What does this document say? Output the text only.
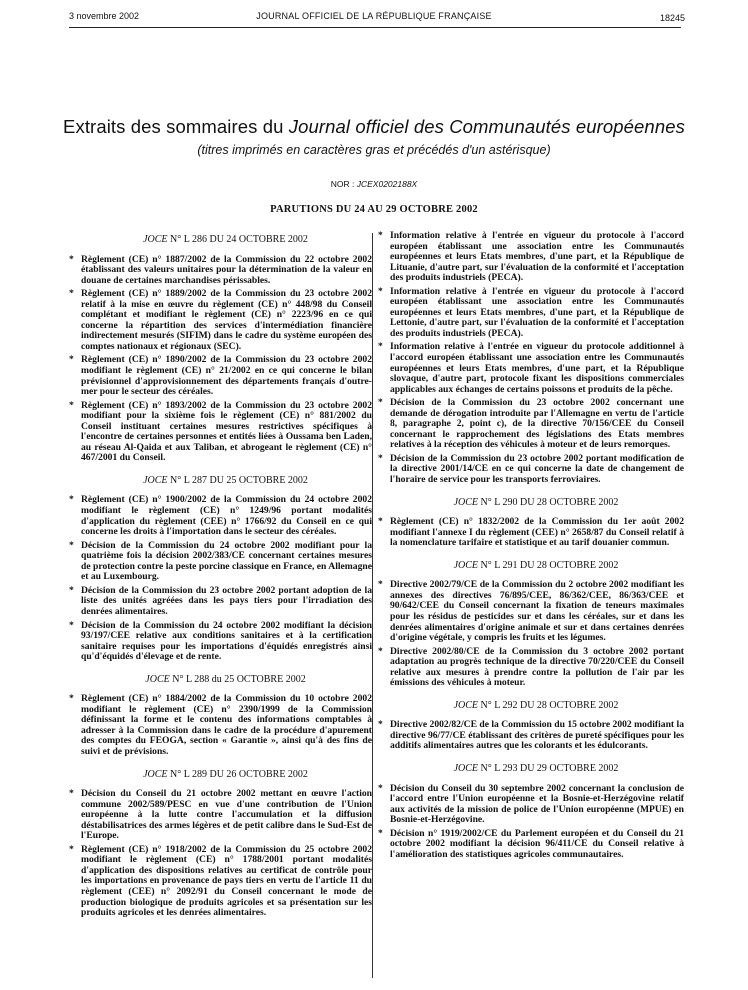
3 novembre 2002	JOURNAL OFFICIEL DE LA RÉPUBLIQUE FRANÇAISE	18245
Extraits des sommaires du Journal officiel des Communautés européennes
(titres imprimés en caractères gras et précédés d'un astérisque)
NOR : JCEX0202188X
PARUTIONS DU 24 AU 29 OCTOBRE 2002
JOCE N° L 286 DU 24 OCTOBRE 2002
* Règlement (CE) n° 1887/2002 de la Commission du 22 octobre 2002 établissant des valeurs unitaires pour la détermination de la valeur en douane de certaines marchandises périssables.
* Règlement (CE) n° 1889/2002 de la Commission du 23 octobre 2002 relatif à la mise en œuvre du règlement (CE) n° 448/98 du Conseil complétant et modifiant le règlement (CE) n° 2223/96 en ce qui concerne la répartition des services d'intermédiation financière indirectement mesurés (SIFIM) dans le cadre du système européen des comptes nationaux et régionaux (SEC).
* Règlement (CE) n° 1890/2002 de la Commission du 23 octobre 2002 modifiant le règlement (CE) n° 21/2002 en ce qui concerne le bilan prévisionnel d'approvisionnement des départements français d'outre-mer pour le secteur des céréales.
* Règlement (CE) n° 1893/2002 de la Commission du 23 octobre 2002 modifiant pour la sixième fois le règlement (CE) n° 881/2002 du Conseil instituant certaines mesures restrictives spécifiques à l'encontre de certaines personnes et entités liées à Oussama ben Laden, au réseau Al-Qaida et aux Taliban, et abrogeant le règlement (CE) n° 467/2001 du Conseil.
JOCE N° L 287 DU 25 OCTOBRE 2002
* Règlement (CE) n° 1900/2002 de la Commission du 24 octobre 2002 modifiant le règlement (CE) n° 1249/96 portant modalités d'application du règlement (CEE) n° 1766/92 du Conseil en ce qui concerne les droits à l'importation dans le secteur des céréales.
* Décision de la Commission du 24 octobre 2002 modifiant pour la quatrième fois la décision 2002/383/CE concernant certaines mesures de protection contre la peste porcine classique en France, en Allemagne et au Luxembourg.
* Décision de la Commission du 23 octobre 2002 portant adoption de la liste des unités agréées dans les pays tiers pour l'irradiation des denrées alimentaires.
* Décision de la Commission du 24 octobre 2002 modifiant la décision 93/197/CEE relative aux conditions sanitaires et à la certification sanitaire requises pour les importations d'équidés enregistrés ainsi qu'd'équidés d'élevage et de rente.
JOCE N° L 288 du 25 OCTOBRE 2002
* Règlement (CE) n° 1884/2002 de la Commission du 10 octobre 2002 modifiant le règlement (CE) n° 2390/1999 de la Commission définissant la forme et le contenu des informations comptables à adresser à la Commission dans le cadre de la procédure d'apurement des comptes du FEOGA, section « Garantie », ainsi qu'à des fins de suivi et de prévisions.
JOCE N° L 289 DU 26 OCTOBRE 2002
* Décision du Conseil du 21 octobre 2002 mettant en œuvre l'action commune 2002/589/PESC en vue d'une contribution de l'Union européenne à la lutte contre l'accumulation et la diffusion déstabilisatrices des armes légères et de petit calibre dans le Sud-Est de l'Europe.
* Règlement (CE) n° 1918/2002 de la Commission du 25 octobre 2002 modifiant le règlement (CE) n° 1788/2001 portant modalités d'application des dispositions relatives au certificat de contrôle pour les importations en provenance de pays tiers en vertu de l'article 11 du règlement (CEE) n° 2092/91 du Conseil concernant le mode de production biologique de produits agricoles et sa présentation sur les produits agricoles et les denrées alimentaires.
* Information relative à l'entrée en vigueur du protocole à l'accord européen établissant une association entre les Communautés européennes et leurs Etats membres, d'une part, et la République de Lituanie, d'autre part, sur l'évaluation de la conformité et l'acceptation des produits industriels (PECA).
* Information relative à l'entrée en vigueur du protocole à l'accord européen établissant une association entre les Communautés européennes et leurs Etats membres, d'une part, et la République de Lettonie, d'autre part, sur l'évaluation de la conformité et l'acceptation des produits industriels (PECA).
* Information relative à l'entrée en vigueur du protocole additionnel à l'accord européen établissant une association entre les Communautés européennes et leurs Etats membres, d'une part, et la République slovaque, d'autre part, protocole fixant les dispositions commerciales applicables aux échanges de certains poissons et produits de la pêche.
* Décision de la Commission du 23 octobre 2002 concernant une demande de dérogation introduite par l'Allemagne en vertu de l'article 8, paragraphe 2, point c), de la directive 70/156/CEE du Conseil concernant le rapprochement des législations des Etats membres relatives à la réception des véhicules à moteur et de leurs remorques.
* Décision de la Commission du 23 octobre 2002 portant modification de la directive 2001/14/CE en ce qui concerne la date de changement de l'horaire de service pour les transports ferroviaires.
JOCE N° L 290 DU 28 OCTOBRE 2002
* Règlement (CE) n° 1832/2002 de la Commission du 1er août 2002 modifiant l'annexe I du règlement (CEE) n° 2658/87 du Conseil relatif à la nomenclature tarifaire et statistique et au tarif douanier commun.
JOCE N° L 291 DU 28 OCTOBRE 2002
* Directive 2002/79/CE de la Commission du 2 octobre 2002 modifiant les annexes des directives 76/895/CEE, 86/362/CEE, 86/363/CEE et 90/642/CEE du Conseil concernant la fixation de teneurs maximales pour les résidus de pesticides sur et dans les céréales, sur et dans les denrées alimentaires d'origine animale et sur et dans certaines denrées d'origine végétale, y compris les fruits et les légumes.
* Directive 2002/80/CE de la Commission du 3 octobre 2002 portant adaptation au progrès technique de la directive 70/220/CEE du Conseil relative aux mesures à prendre contre la pollution de l'air par les émissions des véhicules à moteur.
JOCE N° L 292 DU 28 OCTOBRE 2002
* Directive 2002/82/CE de la Commission du 15 octobre 2002 modifiant la directive 96/77/CE établissant des critères de pureté spécifiques pour les additifs alimentaires autres que les colorants et les édulcorants.
JOCE N° L 293 DU 29 OCTOBRE 2002
* Décision du Conseil du 30 septembre 2002 concernant la conclusion de l'accord entre l'Union européenne et la Bosnie-et-Herzégovine relatif aux activités de la mission de police de l'Union européenne (MPUE) en Bosnie-et-Herzégovine.
* Décision n° 1919/2002/CE du Parlement européen et du Conseil du 21 octobre 2002 modifiant la décision 96/411/CE du Conseil relative à l'amélioration des statistiques agricoles communautaires.
